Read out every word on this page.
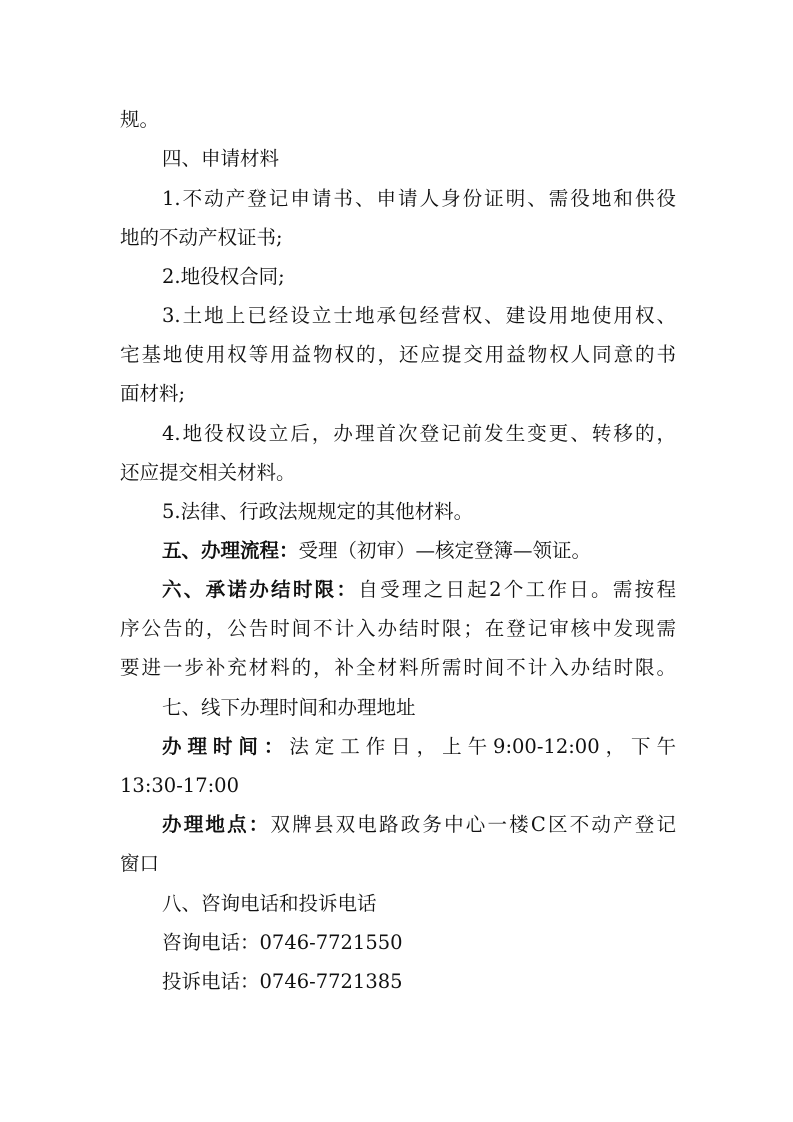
规。
四、申请材料
1.不动产登记申请书、申请人身份证明、需役地和供役
地的不动产权证书;
2.地役权合同;
3.土地上已经设立士地承包经营权、建设用地使用权、
宅基地使用权等用益物权的，还应提交用益物权人同意的书
面材料;
4.地役权设立后，办理首次登记前发生变更、转移的，
还应提交相关材料。
5.法律、行政法规规定的其他材料。
五、办理流程：受理（初审）—核定登簿—领证。
六、承诺办结时限：自受理之日起2个工作日。需按程
序公告的，公告时间不计入办结时限；在登记审核中发现需
要进一步补充材料的，补全材料所需时间不计入办结时限。
七、线下办理时间和办理地址
办理时间：法定工作日，上午9:00-12:00，下午
13:30-17:00
办理地点：双牌县双电路政务中心一楼C区不动产登记
窗口
八、咨询电话和投诉电话
咨询电话：0746-7721550
投诉电话：0746-7721385
